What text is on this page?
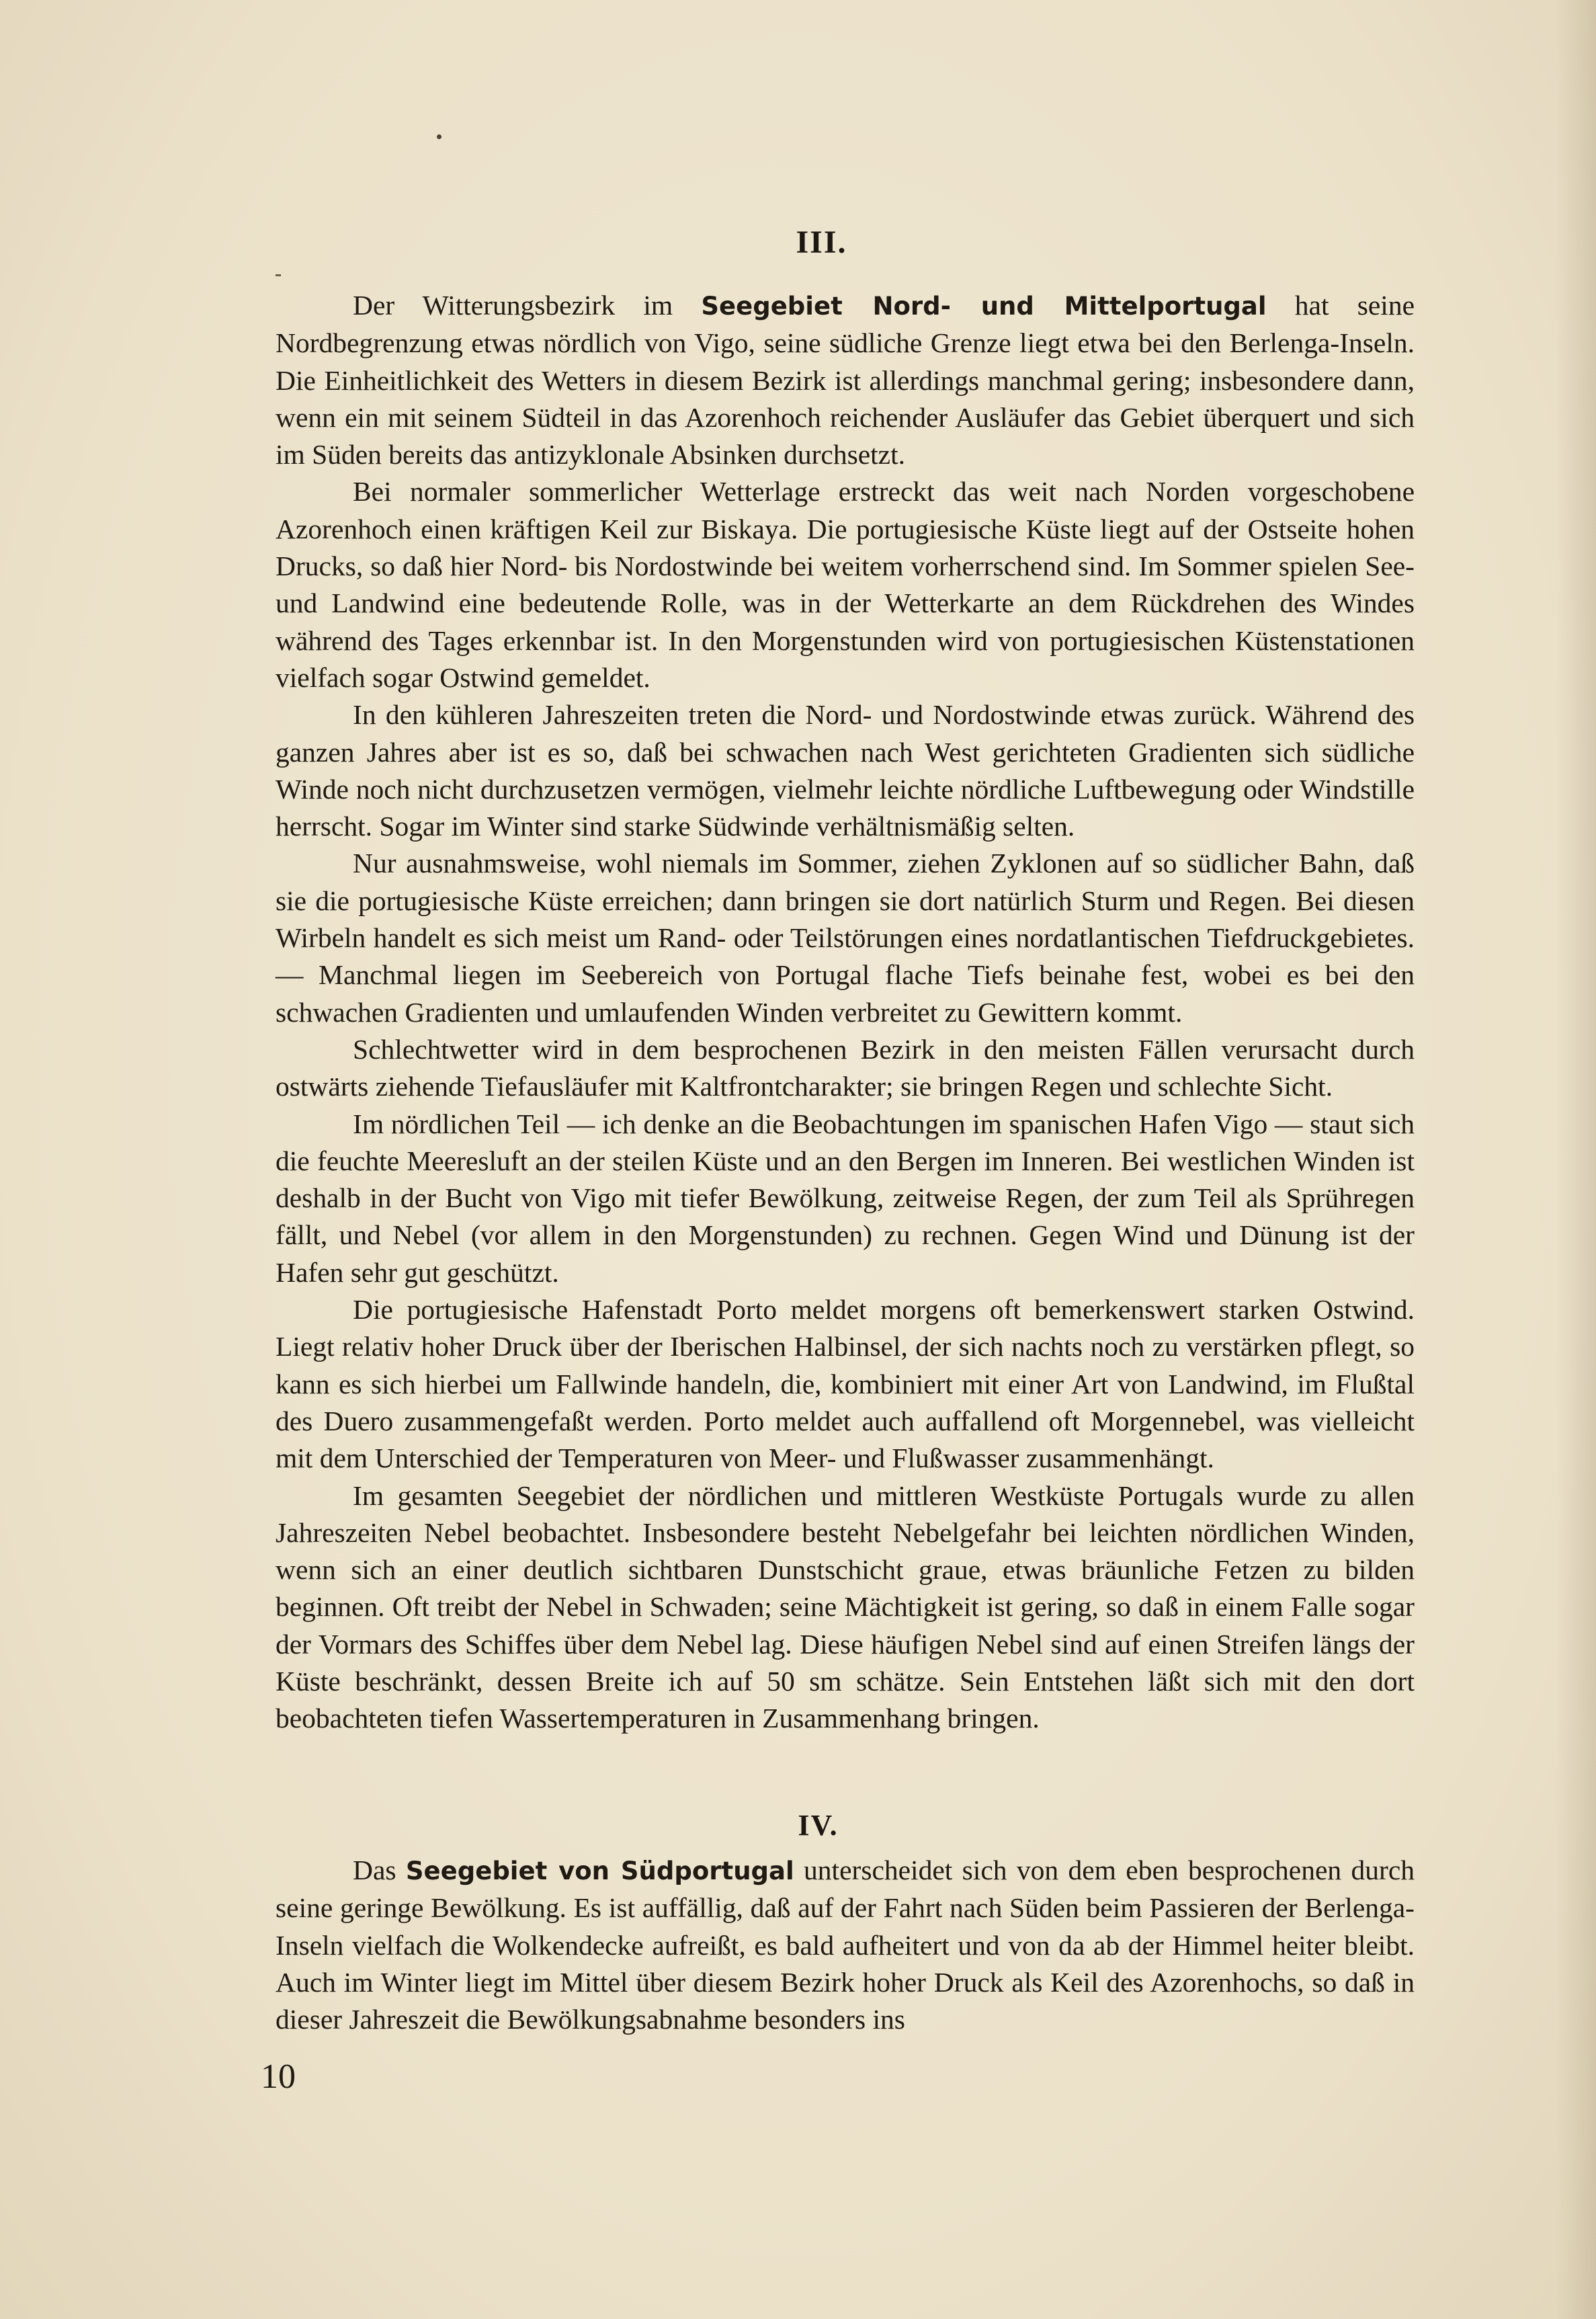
III.

Der Witterungsbezirk im Seegebiet Nord- und Mittelportugal hat seine Nordbegrenzung etwas nördlich von Vigo, seine südliche Grenze liegt etwa bei den Berlenga-Inseln. Die Einheitlichkeit des Wetters in diesem Bezirk ist allerdings manchmal gering; insbesondere dann, wenn ein mit seinem Südteil in das Azorenhoch reichender Ausläufer das Gebiet überquert und sich im Süden bereits das antizyklonale Absinken durchsetzt.

Bei normaler sommerlicher Wetterlage erstreckt das weit nach Norden vorgeschobene Azorenhoch einen kräftigen Keil zur Biskaya. Die portugiesische Küste liegt auf der Ostseite hohen Drucks, so daß hier Nord- bis Nordostwinde bei weitem vorherrschend sind. Im Sommer spielen See- und Landwind eine bedeutende Rolle, was in der Wetterkarte an dem Rückdrehen des Windes während des Tages erkennbar ist. In den Morgenstunden wird von portugiesischen Küstenstationen vielfach sogar Ostwind gemeldet.

In den kühleren Jahreszeiten treten die Nord- und Nordostwinde etwas zurück. Während des ganzen Jahres aber ist es so, daß bei schwachen nach West gerichteten Gradienten sich südliche Winde noch nicht durchzusetzen vermögen, vielmehr leichte nördliche Luftbewegung oder Windstille herrscht. Sogar im Winter sind starke Südwinde verhältnismäßig selten.

Nur ausnahmsweise, wohl niemals im Sommer, ziehen Zyklonen auf so südlicher Bahn, daß sie die portugiesische Küste erreichen; dann bringen sie dort natürlich Sturm und Regen. Bei diesen Wirbeln handelt es sich meist um Rand- oder Teilstörungen eines nordatlantischen Tiefdruckgebietes. — Manchmal liegen im Seebereich von Portugal flache Tiefs beinahe fest, wobei es bei den schwachen Gradienten und umlaufenden Winden verbreitet zu Gewittern kommt.

Schlechtwetter wird in dem besprochenen Bezirk in den meisten Fällen verursacht durch ostwärts ziehende Tiefausläufer mit Kaltfrontcharakter; sie bringen Regen und schlechte Sicht.

Im nördlichen Teil — ich denke an die Beobachtungen im spanischen Hafen Vigo — staut sich die feuchte Meeresluft an der steilen Küste und an den Bergen im Inneren. Bei westlichen Winden ist deshalb in der Bucht von Vigo mit tiefer Bewölkung, zeitweise Regen, der zum Teil als Sprühregen fällt, und Nebel (vor allem in den Morgenstunden) zu rechnen. Gegen Wind und Dünung ist der Hafen sehr gut geschützt.

Die portugiesische Hafenstadt Porto meldet morgens oft bemerkenswert starken Ostwind. Liegt relativ hoher Druck über der Iberischen Halbinsel, der sich nachts noch zu verstärken pflegt, so kann es sich hierbei um Fallwinde handeln, die, kombiniert mit einer Art von Landwind, im Flußtal des Duero zusammengefaßt werden. Porto meldet auch auffallend oft Morgennebel, was vielleicht mit dem Unterschied der Temperaturen von Meer- und Flußwasser zusammenhängt.

Im gesamten Seegebiet der nördlichen und mittleren Westküste Portugals wurde zu allen Jahreszeiten Nebel beobachtet. Insbesondere besteht Nebelgefahr bei leichten nördlichen Winden, wenn sich an einer deutlich sichtbaren Dunstschicht graue, etwas bräunliche Fetzen zu bilden beginnen. Oft treibt der Nebel in Schwaden; seine Mächtigkeit ist gering, so daß in einem Falle sogar der Vormars des Schiffes über dem Nebel lag. Diese häufigen Nebel sind auf einen Streifen längs der Küste beschränkt, dessen Breite ich auf 50 sm schätze. Sein Entstehen läßt sich mit den dort beobachteten tiefen Wassertemperaturen in Zusammenhang bringen.

IV.

Das Seegebiet von Südportugal unterscheidet sich von dem eben besprochenen durch seine geringe Bewölkung. Es ist auffällig, daß auf der Fahrt nach Süden beim Passieren der Berlenga-Inseln vielfach die Wolkendecke aufreißt, es bald aufheitert und von da ab der Himmel heiter bleibt. Auch im Winter liegt im Mittel über diesem Bezirk hoher Druck als Keil des Azorenhochs, so daß in dieser Jahreszeit die Bewölkungsabnahme besonders ins

10
